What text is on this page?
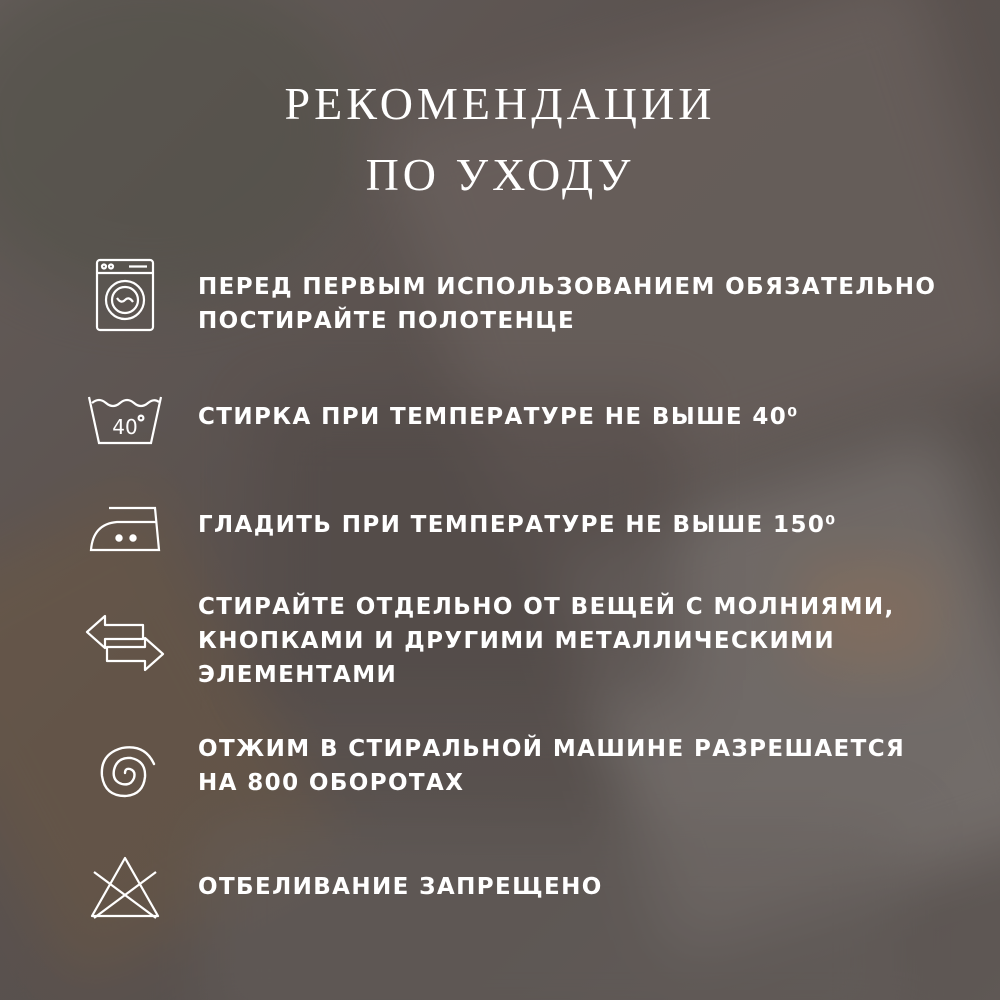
РЕКОМЕНДАЦИИ
ПО УХОДУ
ПЕРЕД ПЕРВЫМ ИСПОЛЬЗОВАНИЕМ ОБЯЗАТЕЛЬНО
ПОСТИРАЙТЕ ПОЛОТЕНЦЕ
40	СТИРКА ПРИ ТЕМПЕРАТУРЕ НЕ ВЫШЕ 40⁰
ГЛАДИТЬ ПРИ ТЕМПЕРАТУРЕ НЕ ВЫШЕ 150⁰
СТИРАЙТЕ ОТДЕЛЬНО ОТ ВЕЩЕЙ С МОЛНИЯМИ,
КНОПКАМИ И ДРУГИМИ МЕТАЛЛИЧЕСКИМИ
ЭЛЕМЕНТАМИ
ОТЖИМ В СТИРАЛЬНОЙ МАШИНЕ РАЗРЕШАЕТСЯ
НА 800 ОБОРОТАХ
ОТБЕЛИВАНИЕ ЗАПРЕЩЕНО
